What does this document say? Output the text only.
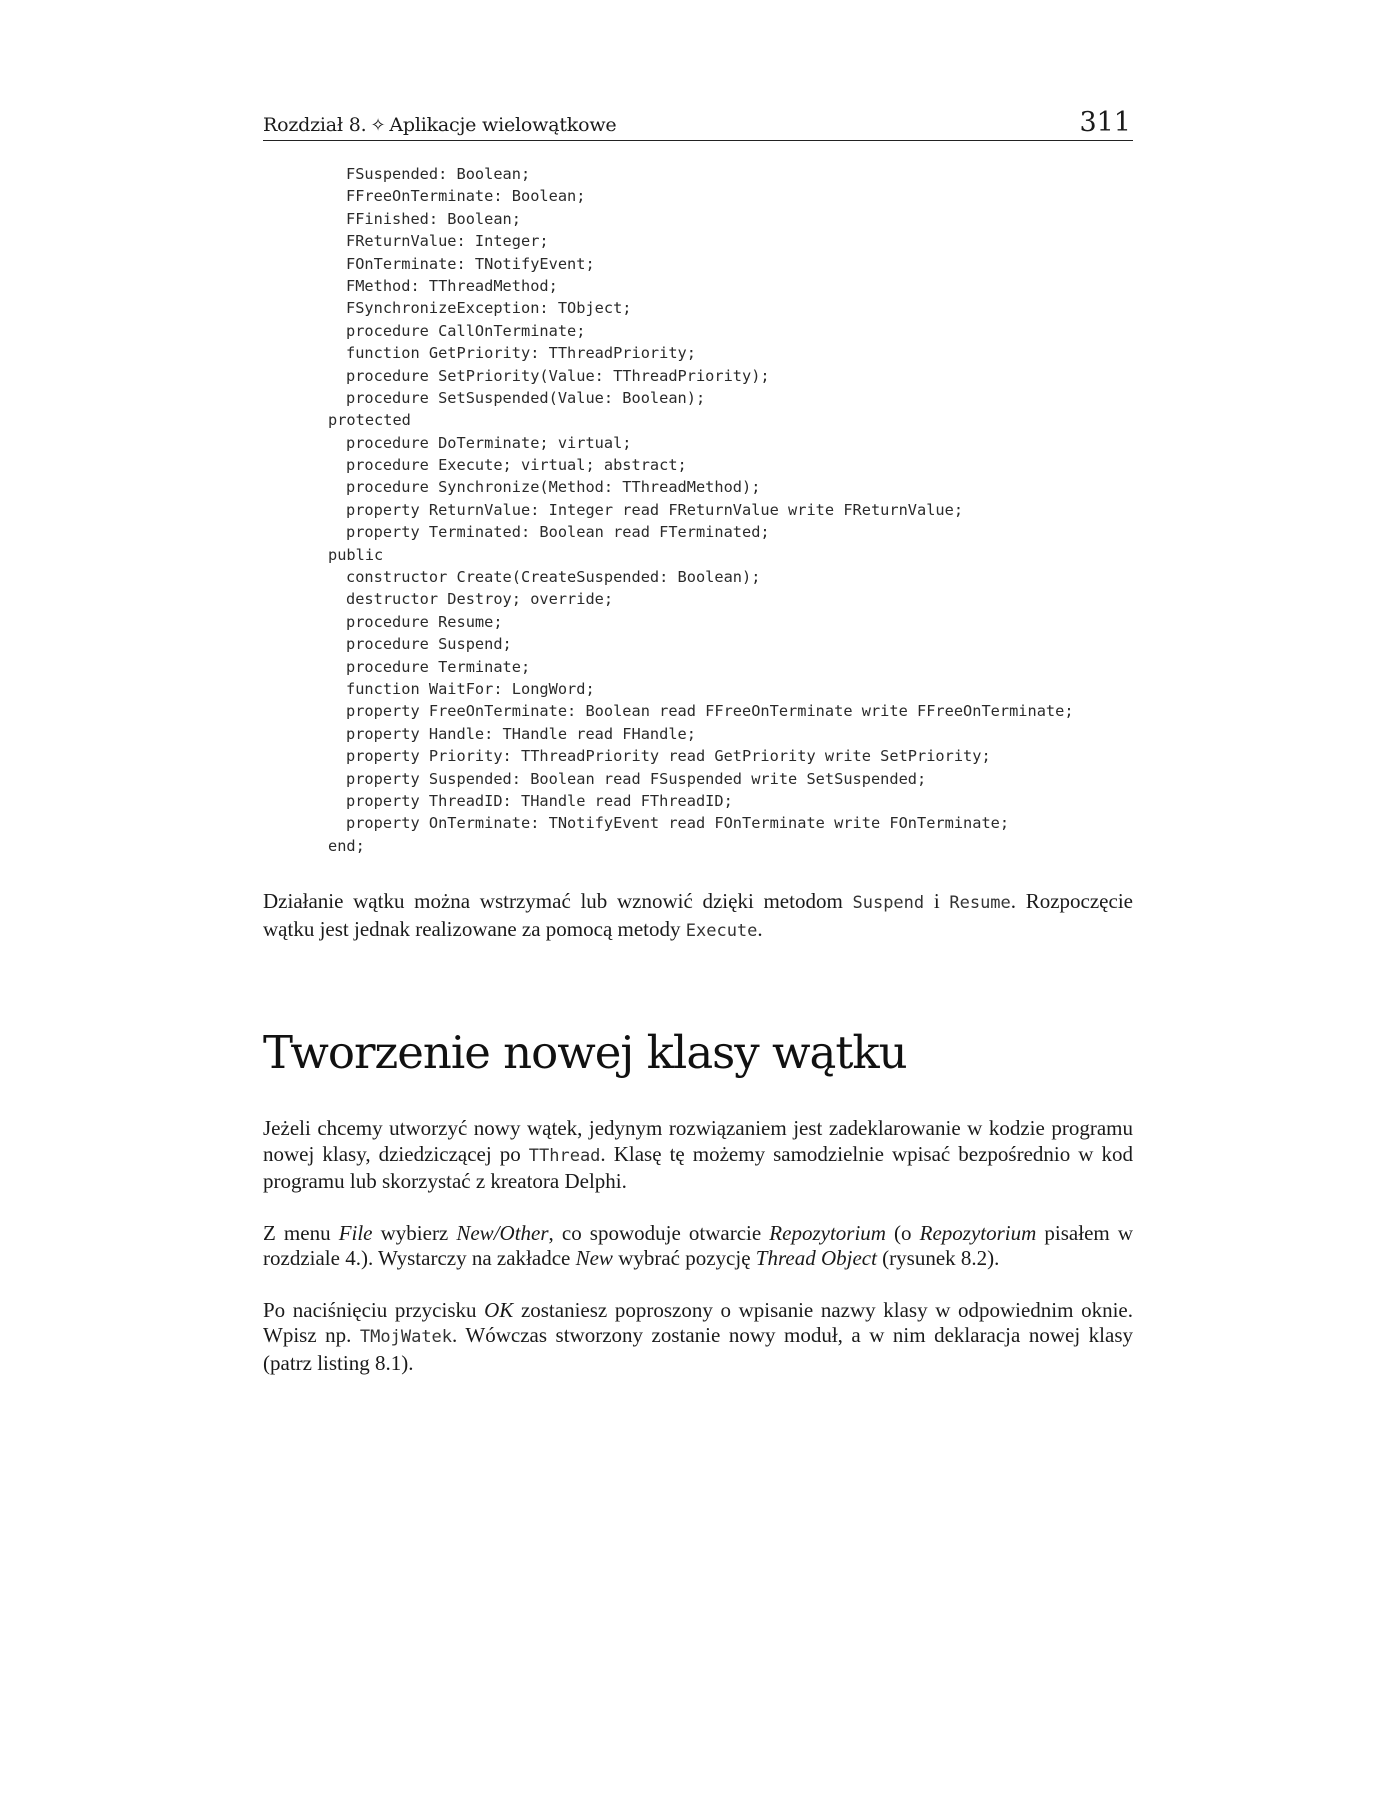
Rozdział 8. ✧ Aplikacje wielowątkowe	311
FSuspended: Boolean;
FFreeOnTerminate: Boolean;
FFinished: Boolean;
FReturnValue: Integer;
FOnTerminate: TNotifyEvent;
FMethod: TThreadMethod;
FSynchronizeException: TObject;
procedure CallOnTerminate;
function GetPriority: TThreadPriority;
procedure SetPriority(Value: TThreadPriority);
procedure SetSuspended(Value: Boolean);
protected
procedure DoTerminate; virtual;
procedure Execute; virtual; abstract;
procedure Synchronize(Method: TThreadMethod);
property ReturnValue: Integer read FReturnValue write FReturnValue;
property Terminated: Boolean read FTerminated;
public
constructor Create(CreateSuspended: Boolean);
destructor Destroy; override;
procedure Resume;
procedure Suspend;
procedure Terminate;
function WaitFor: LongWord;
property FreeOnTerminate: Boolean read FFreeOnTerminate write FFreeOnTerminate;
property Handle: THandle read FHandle;
property Priority: TThreadPriority read GetPriority write SetPriority;
property Suspended: Boolean read FSuspended write SetSuspended;
property ThreadID: THandle read FThreadID;
property OnTerminate: TNotifyEvent read FOnTerminate write FOnTerminate;
end;

Działanie wątku można wstrzymać lub wznowić dzięki metodom Suspend i Resume. Rozpoczęcie wątku jest jednak realizowane za pomocą metody Execute.

Tworzenie nowej klasy wątku

Jeżeli chcemy utworzyć nowy wątek, jedynym rozwiązaniem jest zadeklarowanie w kodzie programu nowej klasy, dziedziczącej po TThread. Klasę tę możemy samodzielnie wpisać bezpośrednio w kod programu lub skorzystać z kreatora Delphi.

Z menu File wybierz New/Other, co spowoduje otwarcie Repozytorium (o Repozytorium pisałem w rozdziale 4.). Wystarczy na zakładce New wybrać pozycję Thread Object (rysunek 8.2).

Po naciśnięciu przycisku OK zostaniesz poproszony o wpisanie nazwy klasy w odpowiednim oknie. Wpisz np. TMojWatek. Wówczas stworzony zostanie nowy moduł, a w nim deklaracja nowej klasy (patrz listing 8.1).
